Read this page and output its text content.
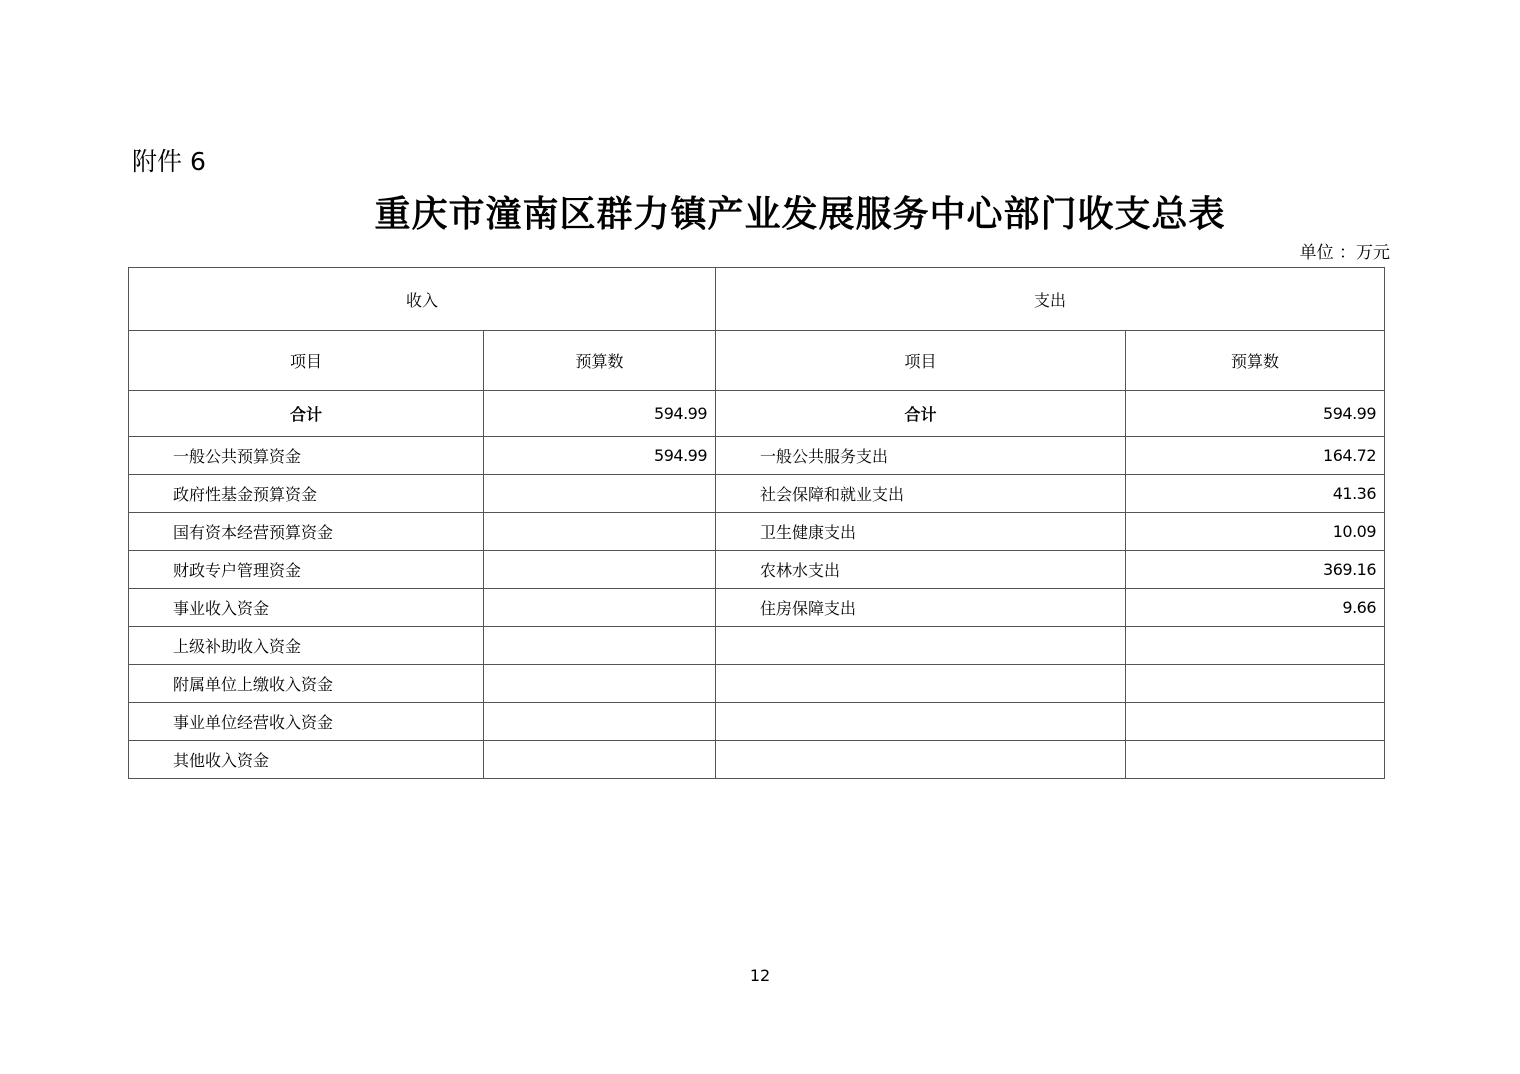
附件 6
重庆市潼南区群力镇产业发展服务中心部门收支总表
单位 ：万元
收入		支出	
项目	预算数	项目	预算数
合计	594.99	合计	594.99
一般公共预算资金	594.99	一般公共服务支出	164.72
政府性基金预算资金		社会保障和就业支出	41.36
国有资本经营预算资金		卫生健康支出	10.09
财政专户管理资金		农林水支出	369.16
事业收入资金		住房保障支出	9.66
上级补助收入资金			
附属单位上缴收入资金			
事业单位经营收入资金			
其他收入资金			
12
